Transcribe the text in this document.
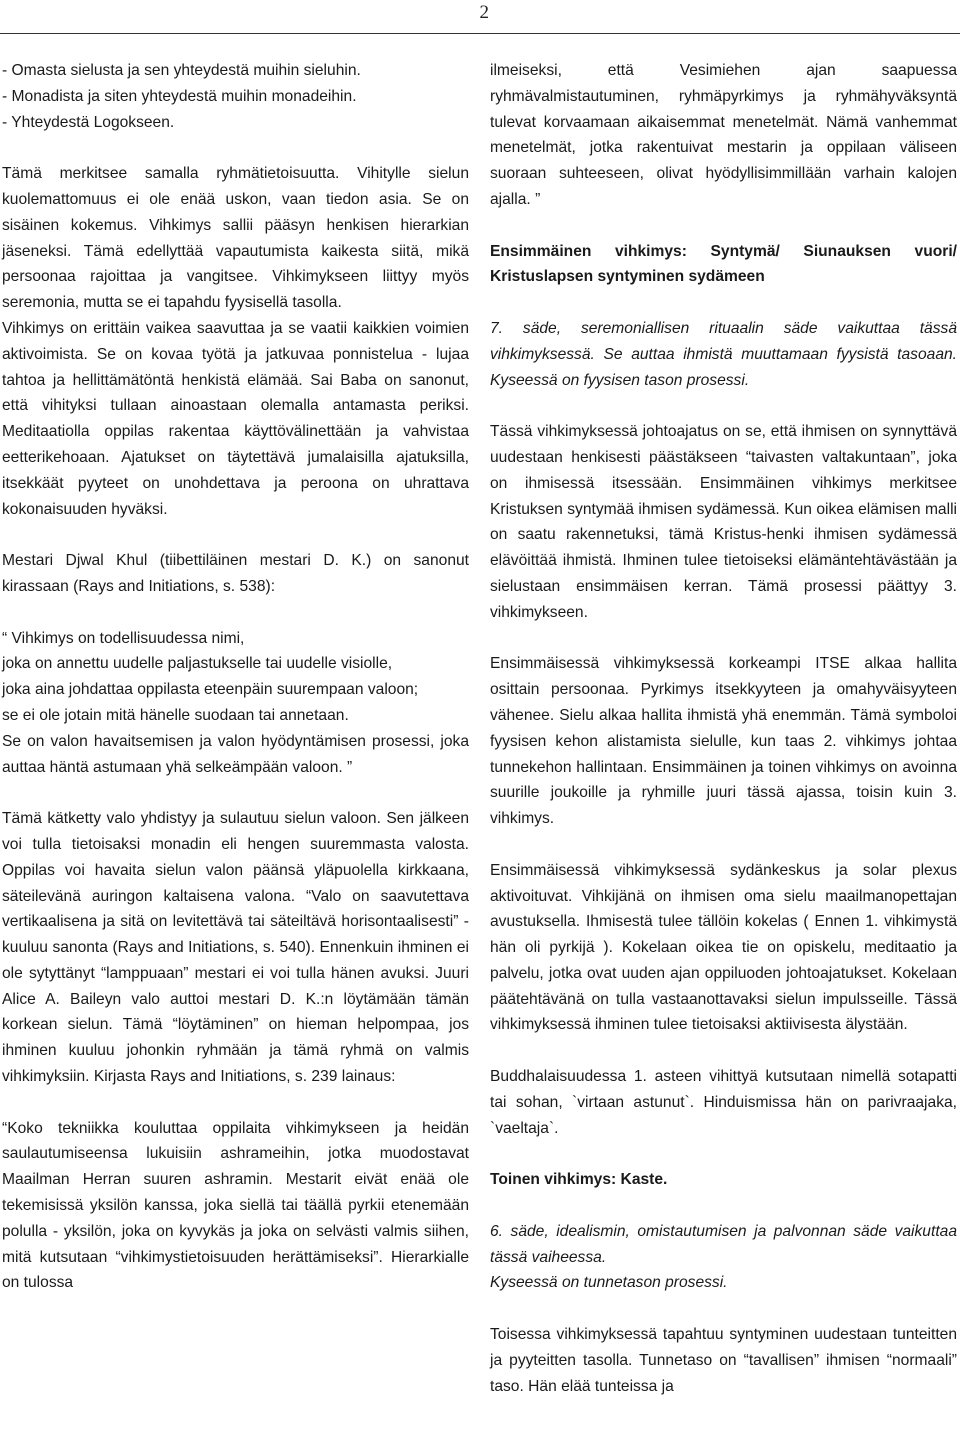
2
- Omasta sielusta ja sen yhteydestä muihin sieluhin.
- Monadista ja siten yhteydestä muihin monadeihin.
- Yhteydestä Logokseen.
Tämä merkitsee samalla ryhmätietoisuutta. Vihitylle sielun kuolemattomuus ei ole enää uskon, vaan tiedon asia. Se on sisäinen kokemus. Vihkimys sallii pääsyn henkisen hierarkian jäseneksi. Tämä edellyttää vapautumista kaikesta siitä, mikä persoonaa rajoittaa ja vangitsee. Vihkimykseen liittyy myös seremonia, mutta se ei tapahdu fyysisellä tasolla.
Vihkimys on erittäin vaikea saavuttaa ja se vaatii kaikkien voimien aktivoimista. Se on kovaa työtä ja jatkuvaa ponnistelua - lujaa tahtoa ja hellittämätöntä henkistä elämää. Sai Baba on sanonut, että vihityksi tullaan ainoastaan olemalla antamasta periksi. Meditaatiolla oppilas rakentaa käyttövälinettään ja vahvistaa eetterikehoaan. Ajatukset on täytettävä jumalaisilla ajatuksilla, itsekkäät pyyteet on unohdettava ja peroona on uhrattava kokonaisuuden hyväksi.
Mestari Djwal Khul (tiibettiläinen mestari D. K.) on sanonut kirassaan (Rays and Initiations, s. 538):
“ Vihkimys on todellisuudessa nimi,
joka on annettu uudelle paljastukselle tai uudelle visiolle,
joka aina johdattaa oppilasta eteenpäin suurempaan valoon;
se ei ole jotain mitä hänelle suodaan tai annetaan.
Se on valon havaitsemisen ja valon hyödyntämisen prosessi, joka auttaa häntä astumaan yhä selkeämpään valoon. ”
Tämä kätketty valo yhdistyy ja sulautuu sielun valoon. Sen jälkeen voi tulla tietoisaksi monadin eli hengen suuremmasta valosta. Oppilas voi havaita sielun valon päänsä yläpuolella kirkkaana, säteilevänä auringon kaltaisena valona. “Valo on saavutettava vertikaalisena ja sitä on levitettävä tai säteiltävä horisontaalisesti” - kuuluu sanonta (Rays and Initiations, s. 540). Ennenkuin ihminen ei ole sytyttänyt “lamppuaan” mestari ei voi tulla hänen avuksi. Juuri Alice A. Baileyn valo auttoi mestari D. K.:n löytämään tämän korkean sielun. Tämä “löytäminen” on hieman helpompaa, jos ihminen kuuluu johonkin ryhmään ja tämä ryhmä on valmis vihkimyksiin. Kirjasta Rays and Initiations, s. 239 lainaus:
“Koko tekniikka kouluttaa oppilaita vihkimykseen ja heidän saulautumiseensa lukuisiin ashrameihin, jotka muodostavat Maailman Herran suuren ashramin. Mestarit eivät enää ole tekemisissä yksilön kanssa, joka siellä tai täällä pyrkii etenemään polulla - yksilön, joka on kyvykäs ja joka on selvästi valmis siihen, mitä kutsutaan “vihkimystietoisuuden herättämiseksi”. Hierarkialle on tulossa
ilmeiseksi, että Vesimiehen ajan saapuessa ryhmävalmistautuminen, ryhmäpyrkimys ja ryhmähyväksyntä tulevat korvaamaan aikaisemmat menetelmät. Nämä vanhemmat menetelmät, jotka rakentuivat mestarin ja oppilaan väliseen suoraan suhteeseen, olivat hyödyllisimmillään varhain kalojen ajalla. ”
Ensimmäinen vihkimys: Syntymä/ Siunauksen vuori/ Kristuslapsen syntyminen sydämeen
7. säde, seremoniallisen rituaalin säde vaikuttaa tässä vihkimyksessä. Se auttaa ihmistä muuttamaan fyysistä tasoaan. Kyseessä on fyysisen tason prosessi.
Tässä vihkimyksessä johtoajatus on se, että ihmisen on synnyttävä uudestaan henkisesti päästäkseen “taivasten valtakuntaan”, joka on ihmisessä itsessään. Ensimmäinen vihkimys merkitsee Kristuksen syntymää ihmisen sydämessä. Kun oikea elämisen malli on saatu rakennetuksi, tämä Kristus-henki ihmisen sydämessä elävöittää ihmistä. Ihminen tulee tietoiseksi elämäntehtävästään ja sielustaan ensimmäisen kerran. Tämä prosessi päättyy 3. vihkimykseen.
Ensimmäisessä vihkimyksessä korkeampi ITSE alkaa hallita osittain persoonaa. Pyrkimys itsekkyyteen ja omahyväisyyteen vähenee. Sielu alkaa hallita ihmistä yhä enemmän. Tämä symboloi fyysisen kehon alistamista sielulle, kun taas 2. vihkimys johtaa tunnekehon hallintaan. Ensimmäinen ja toinen vihkimys on avoinna suurille joukoille ja ryhmille juuri tässä ajassa, toisin kuin 3. vihkimys.
Ensimmäisessä vihkimyksessä sydänkeskus ja solar plexus aktivoituvat. Vihkijänä on ihmisen oma sielu maailmanopettajan avustuksella. Ihmisestä tulee tällöin kokelas ( Ennen 1. vihkimystä hän oli pyrkijä ). Kokelaan oikea tie on opiskelu, meditaatio ja palvelu, jotka ovat uuden ajan oppiluoden johtoajatukset. Kokelaan päätehtävänä on tulla vastaanottavaksi sielun impulsseille. Tässä vihkimyksessä ihminen tulee tietoisaksi aktiivisesta älystään.
Buddhalaisuudessa 1. asteen vihittyä kutsutaan nimellä sotapatti tai sohan, `virtaan astunut`. Hinduismissa hän on parivraajaka, `vaeltaja`.
Toinen vihkimys: Kaste.
6. säde, idealismin, omistautumisen ja palvonnan säde vaikuttaa tässä vaiheessa.
Kyseessä on tunnetason prosessi.
Toisessa vihkimyksessä tapahtuu syntyminen uudestaan tunteitten ja pyyteitten tasolla. Tunnetaso on “tavallisen” ihmisen “normaali” taso. Hän elää tunteissa ja
